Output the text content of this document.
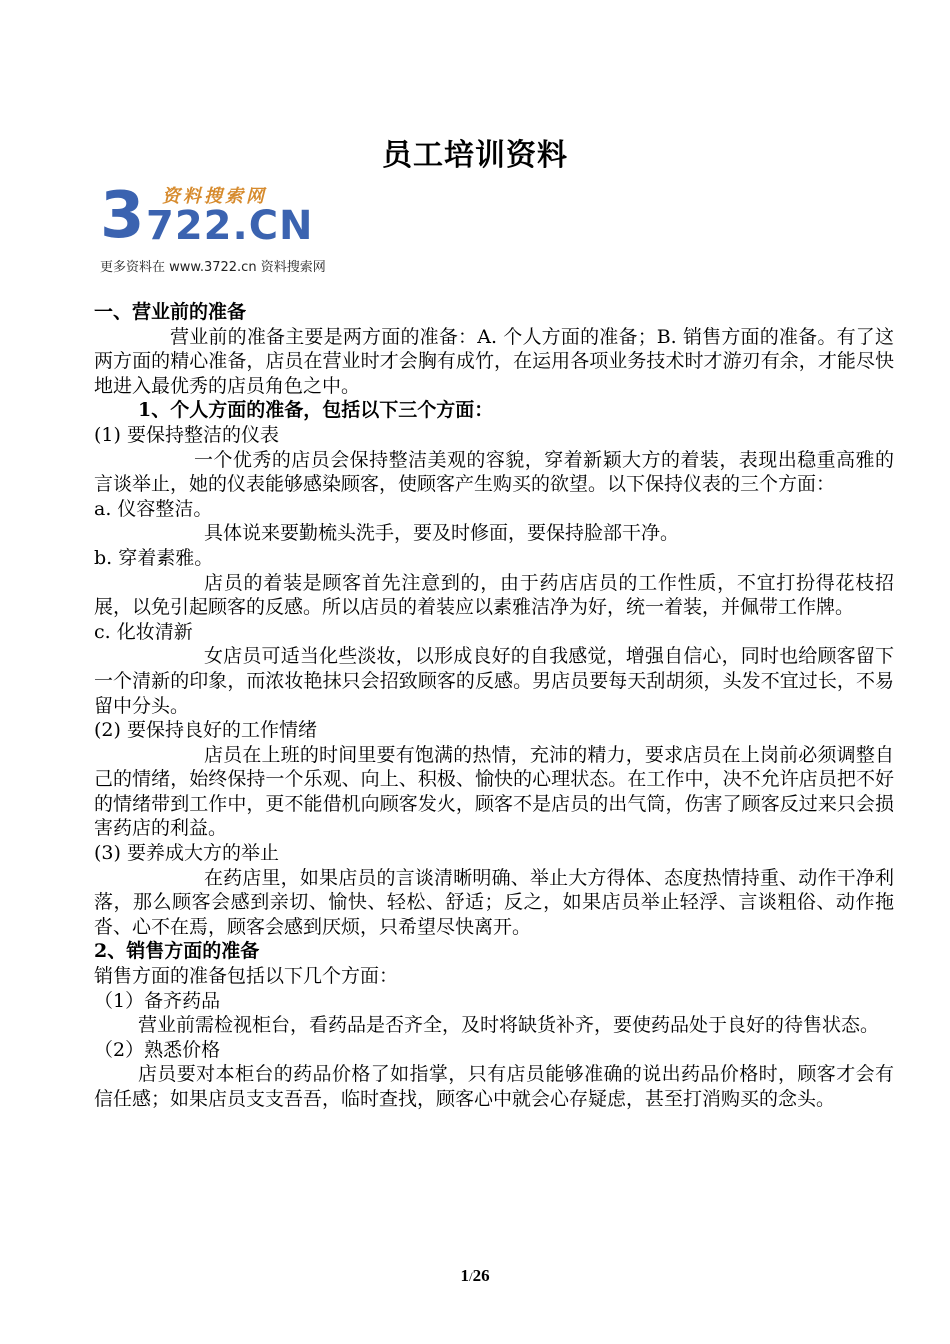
员工培训资料
3 资料搜索网
722.CN
更多资料在 www.3722.cn 资料搜索网

一、营业前的准备

营业前的准备主要是两方面的准备：A. 个人方面的准备；B. 销售方面的准备。有了这两方面的精心准备，店员在营业时才会胸有成竹，在运用各项业务技术时才游刃有余，才能尽快地进入最优秀的店员角色之中。

1、个人方面的准备，包括以下三个方面：

(1) 要保持整洁的仪表

一个优秀的店员会保持整洁美观的容貌，穿着新颖大方的着装，表现出稳重高雅的言谈举止，她的仪表能够感染顾客，使顾客产生购买的欲望。以下保持仪表的三个方面：

a. 仪容整洁。

具体说来要勤梳头洗手，要及时修面，要保持脸部干净。

b. 穿着素雅。

店员的着装是顾客首先注意到的，由于药店店员的工作性质，不宜打扮得花枝招展，以免引起顾客的反感。所以店员的着装应以素雅洁净为好，统一着装，并佩带工作牌。

c. 化妆清新

女店员可适当化些淡妆，以形成良好的自我感觉，增强自信心，同时也给顾客留下一个清新的印象，而浓妆艳抹只会招致顾客的反感。男店员要每天刮胡须，头发不宜过长，不易留中分头。

(2) 要保持良好的工作情绪

店员在上班的时间里要有饱满的热情，充沛的精力，要求店员在上岗前必须调整自己的情绪，始终保持一个乐观、向上、积极、愉快的心理状态。在工作中，决不允许店员把不好的情绪带到工作中，更不能借机向顾客发火，顾客不是店员的出气筒，伤害了顾客反过来只会损害药店的利益。

(3) 要养成大方的举止

在药店里，如果店员的言谈清晰明确、举止大方得体、态度热情持重、动作干净利落，那么顾客会感到亲切、愉快、轻松、舒适；反之，如果店员举止轻浮、言谈粗俗、动作拖沓、心不在焉，顾客会感到厌烦，只希望尽快离开。

2、销售方面的准备

销售方面的准备包括以下几个方面：

（1）备齐药品

营业前需检视柜台，看药品是否齐全，及时将缺货补齐，要使药品处于良好的待售状态。

（2）熟悉价格

店员要对本柜台的药品价格了如指掌，只有店员能够准确的说出药品价格时，顾客才会有信任感；如果店员支支吾吾，临时查找，顾客心中就会心存疑虑，甚至打消购买的念头。

1/26
